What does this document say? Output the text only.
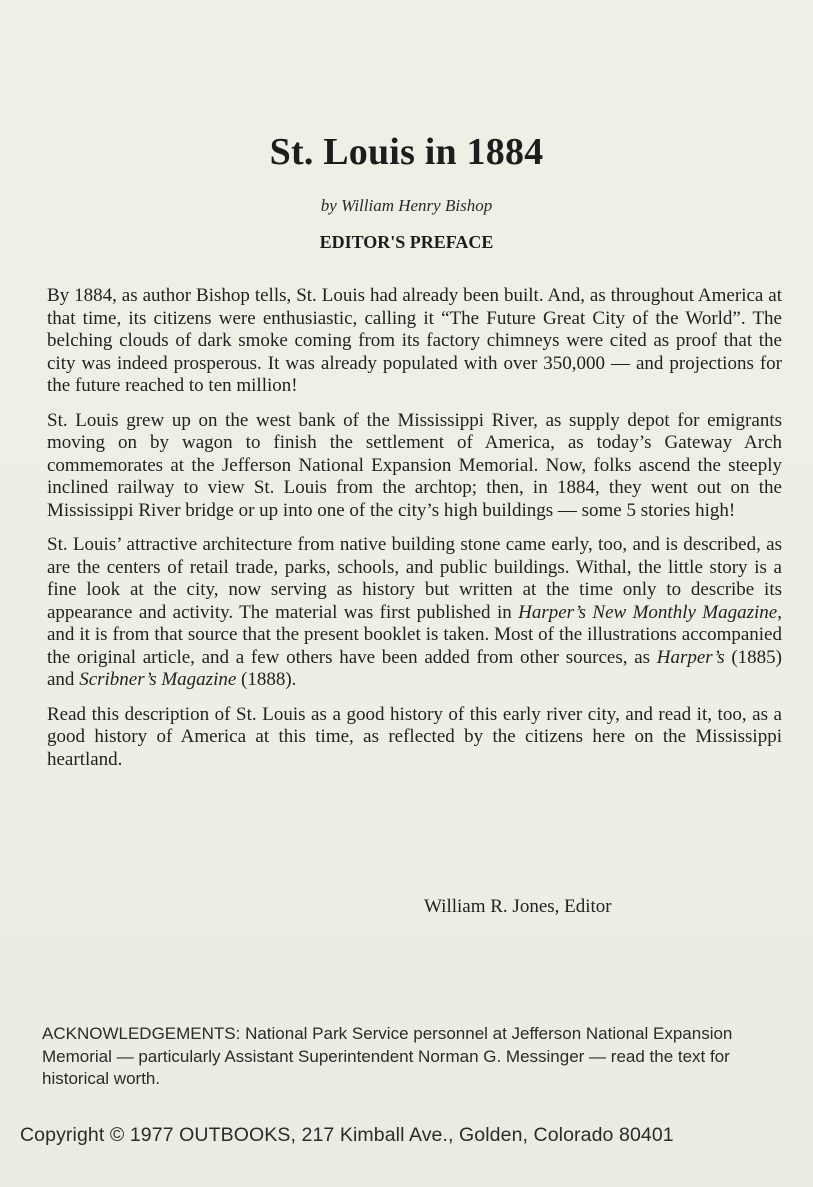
St. Louis in 1884

by William Henry Bishop

EDITOR'S PREFACE

By 1884, as author Bishop tells, St. Louis had already been built. And, as throughout America at that time, its citizens were enthusiastic, calling it “The Future Great City of the World”. The belching clouds of dark smoke coming from its factory chimneys were cited as proof that the city was indeed prosperous. It was already populated with over 350,000 — and projections for the future reached to ten million!

St. Louis grew up on the west bank of the Mississippi River, as supply depot for emigrants moving on by wagon to finish the settlement of America, as today’s Gateway Arch commemorates at the Jefferson National Expansion Memorial. Now, folks ascend the steeply inclined railway to view St. Louis from the archtop; then, in 1884, they went out on the Mississippi River bridge or up into one of the city’s high buildings — some 5 stories high!

St. Louis’ attractive architecture from native building stone came early, too, and is described, as are the centers of retail trade, parks, schools, and public buildings. Withal, the little story is a fine look at the city, now serving as history but written at the time only to describe its appearance and activity. The material was first published in Harper’s New Monthly Magazine, and it is from that source that the present booklet is taken. Most of the illustrations accompanied the original article, and a few others have been added from other sources, as Harper’s (1885) and Scribner’s Magazine (1888).

Read this description of St. Louis as a good history of this early river city, and read it, too, as a good history of America at this time, as reflected by the citizens here on the Mississippi heartland.

William R. Jones, Editor

ACKNOWLEDGEMENTS: National Park Service personnel at Jefferson National Expansion Memorial — particularly Assistant Superintendent Norman G. Messinger — read the text for historical worth.

Copyright © 1977 OUTBOOKS, 217 Kimball Ave., Golden, Colorado 80401
